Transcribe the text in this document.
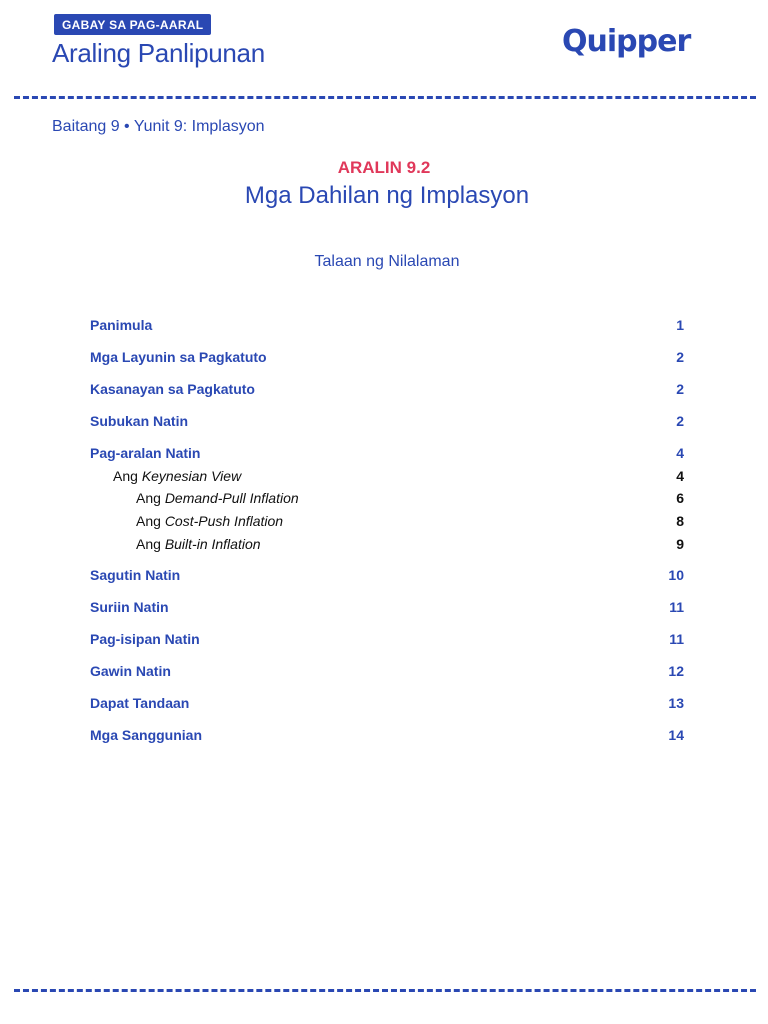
GABAY SA PAG-AARAL
Araling Panlipunan	Quipper
Baitang 9 • Yunit 9: Implasyon
ARALIN 9.2
Mga Dahilan ng Implasyon
Talaan ng Nilalaman
Panimula	1
Mga Layunin sa Pagkatuto	2
Kasanayan sa Pagkatuto	2
Subukan Natin	2
Pag-aralan Natin	4
Ang Keynesian View	4
Ang Demand-Pull Inflation	6
Ang Cost-Push Inflation	8
Ang Built-in Inflation	9
Sagutin Natin	10
Suriin Natin	11
Pag-isipan Natin	11
Gawin Natin	12
Dapat Tandaan	13
Mga Sanggunian	14
